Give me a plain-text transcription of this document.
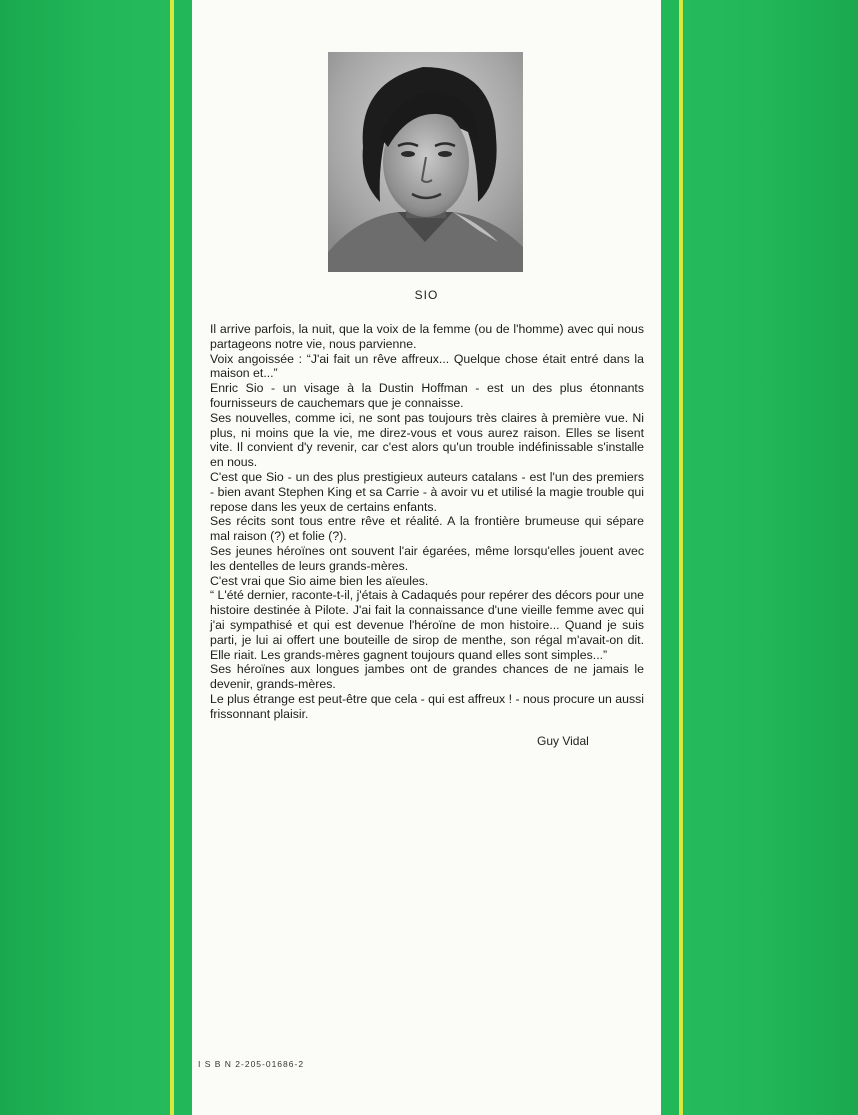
SIO

Il arrive parfois, la nuit, que la voix de la femme (ou de l'homme) avec qui nous partageons notre vie, nous parvienne.

Voix angoissée : “J'ai fait un rêve affreux... Quelque chose était entré dans la maison et...”

Enric Sio - un visage à la Dustin Hoffman - est un des plus étonnants fournisseurs de cauchemars que je connaisse.

Ses nouvelles, comme ici, ne sont pas toujours très claires à première vue. Ni plus, ni moins que la vie, me direz-vous et vous aurez raison. Elles se lisent vite. Il convient d'y revenir, car c'est alors qu'un trouble indéfinissable s'installe en nous.

C'est que Sio - un des plus prestigieux auteurs catalans - est l'un des premiers - bien avant Stephen King et sa Carrie - à avoir vu et utilisé la magie trouble qui repose dans les yeux de certains enfants.

Ses récits sont tous entre rêve et réalité. A la frontière brumeuse qui sépare mal raison (?) et folie (?).

Ses jeunes héroïnes ont souvent l'air égarées, même lorsqu'elles jouent avec les dentelles de leurs grands-mères.

C'est vrai que Sio aime bien les aïeules.

“ L'été dernier, raconte-t-il, j'étais à Cadaqués pour repérer des décors pour une histoire destinée à Pilote. J'ai fait la connaissance d'une vieille femme avec qui j'ai sympathisé et qui est devenue l'héroïne de mon histoire... Quand je suis parti, je lui ai offert une bouteille de sirop de menthe, son régal m'avait-on dit. Elle riait. Les grands-mères gagnent toujours quand elles sont simples...”

Ses héroïnes aux longues jambes ont de grandes chances de ne jamais le devenir, grands-mères.

Le plus étrange est peut-être que cela - qui est affreux ! - nous procure un aussi frissonnant plaisir.

Guy Vidal
I S B N 2-205-01686-2
